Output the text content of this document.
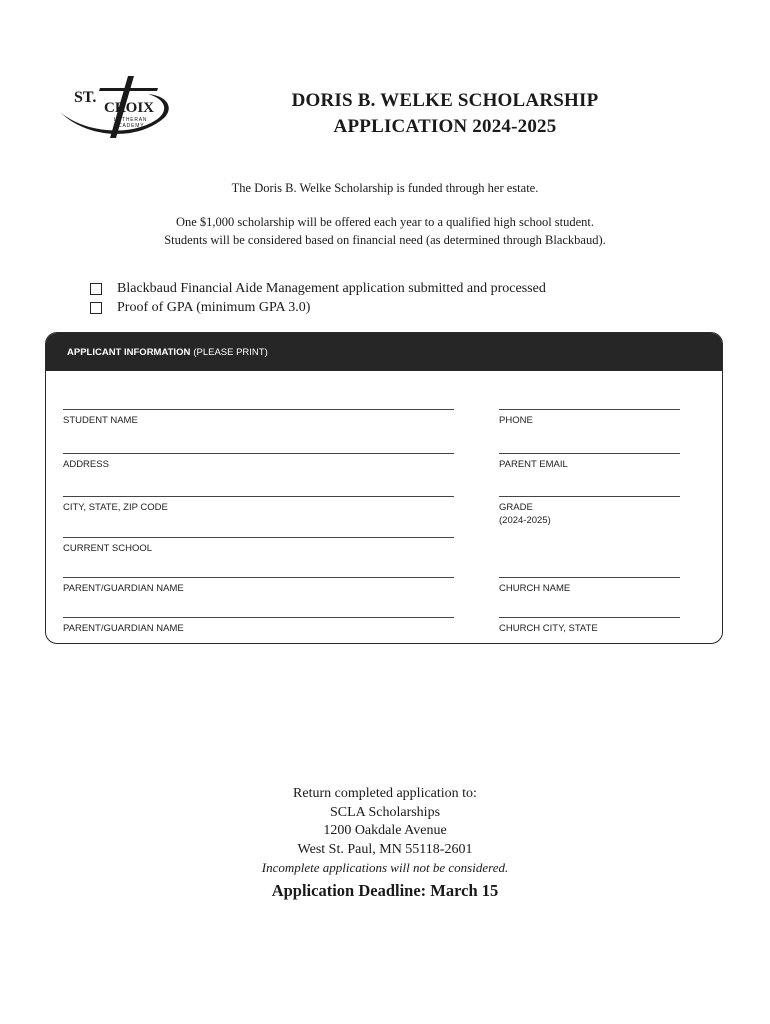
ST.
CROIX
LUTHERAN
ACADEMY
DORIS B. WELKE SCHOLARSHIP
APPLICATION 2024-2025
The Doris B. Welke Scholarship is funded through her estate.
One $1,000 scholarship will be offered each year to a qualified high school student.
Students will be considered based on financial need (as determined through Blackbaud).
Blackbaud Financial Aide Management application submitted and processed
Proof of GPA (minimum GPA 3.0)
APPLICANT INFORMATION (PLEASE PRINT)
STUDENT NAME	PHONE
ADDRESS	PARENT EMAIL
CITY, STATE, ZIP CODE	GRADE
(2024-2025)
CURRENT SCHOOL
PARENT/GUARDIAN NAME	CHURCH NAME
PARENT/GUARDIAN NAME	CHURCH CITY, STATE
Return completed application to:
SCLA Scholarships
1200 Oakdale Avenue
West St. Paul, MN 55118-2601
Incomplete applications will not be considered.
Application Deadline: March 15
